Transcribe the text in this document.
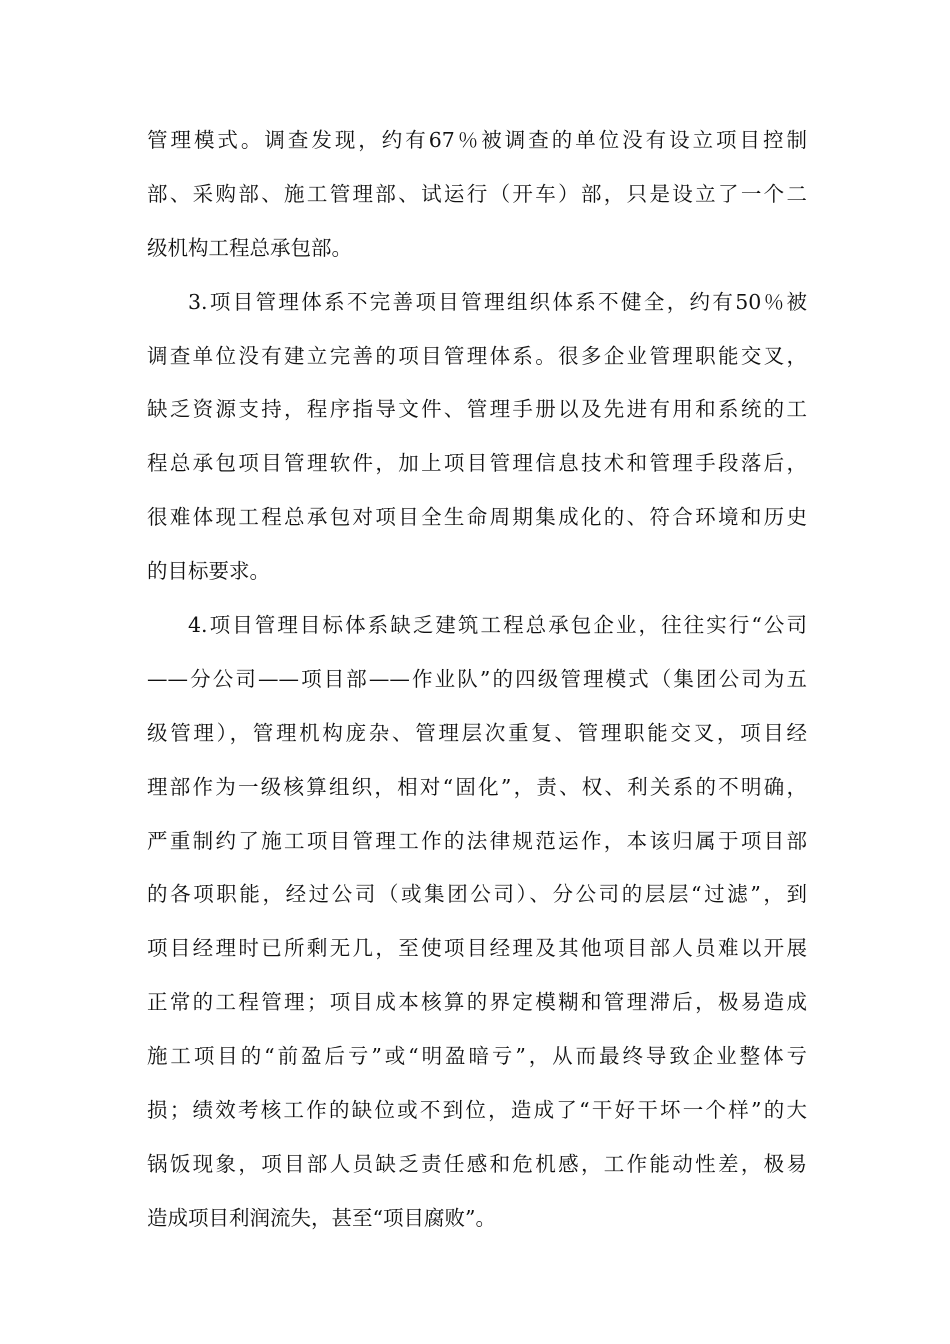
管理模式。调查发现，约有67％被调查的单位没有设立项目控制
部、采购部、施工管理部、试运行（开车）部，只是设立了一个二
级机构工程总承包部。
3.项目管理体系不完善项目管理组织体系不健全，约有50％被
调查单位没有建立完善的项目管理体系。很多企业管理职能交叉，
缺乏资源支持，程序指导文件、管理手册以及先进有用和系统的工
程总承包项目管理软件，加上项目管理信息技术和管理手段落后，
很难体现工程总承包对项目全生命周期集成化的、符合环境和历史
的目标要求。
4.项目管理目标体系缺乏建筑工程总承包企业，往往实行“公司
——分公司——项目部——作业队”的四级管理模式（集团公司为五
级管理），管理机构庞杂、管理层次重复、管理职能交叉，项目经
理部作为一级核算组织，相对“固化”，责、权、利关系的不明确，
严重制约了施工项目管理工作的法律规范运作，本该归属于项目部
的各项职能，经过公司（或集团公司）、分公司的层层“过滤”，到
项目经理时已所剩无几，至使项目经理及其他项目部人员难以开展
正常的工程管理；项目成本核算的界定模糊和管理滞后，极易造成
施工项目的“前盈后亏”或“明盈暗亏”，从而最终导致企业整体亏
损；绩效考核工作的缺位或不到位，造成了“干好干坏一个样”的大
锅饭现象，项目部人员缺乏责任感和危机感，工作能动性差，极易
造成项目利润流失，甚至“项目腐败”。
